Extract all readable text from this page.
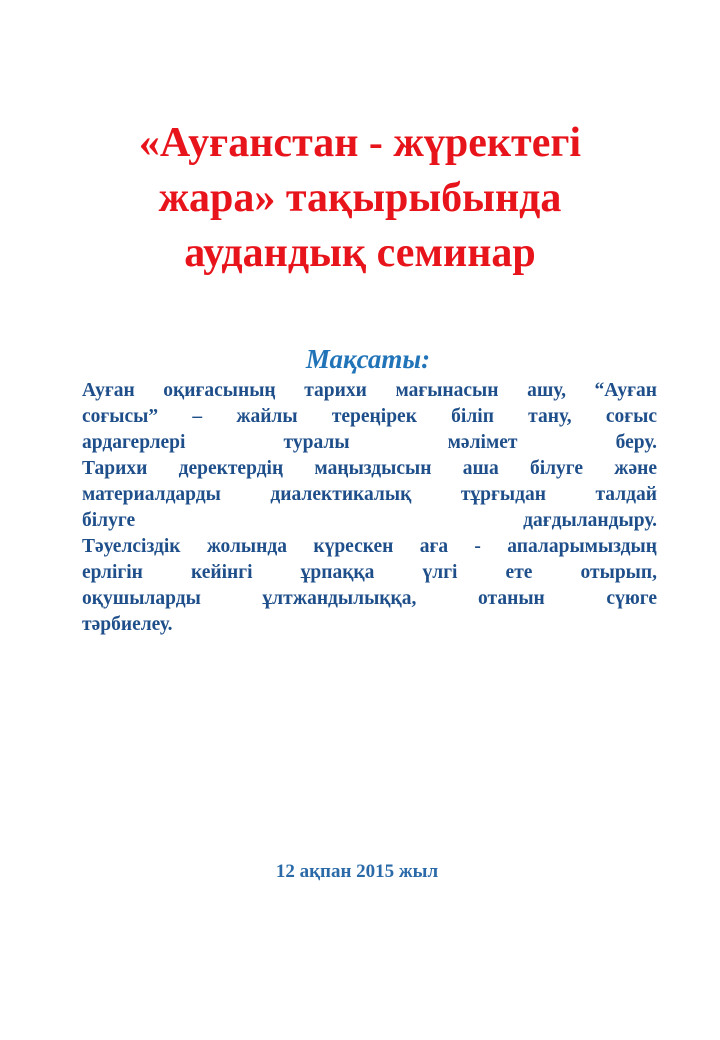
«Ауғанстан - жүректегі
жара» тақырыбында
аудандық семинар
Мақсаты:
Ауған оқиғасының тарихи мағынасын ашу, “Ауған
соғысы” – жайлы тереңірек біліп тану, соғыс
ардагерлері туралы мәлімет беру.
Тарихи деректердің маңыздысын аша білуге және
материалдарды диалектикалық тұрғыдан талдай
білуге дағдыландыру.
Тәуелсіздік жолында күрескен аға - апаларымыздың
ерлігін кейінгі ұрпаққа үлгі ете отырып,
оқушыларды ұлтжандылыққа, отанын сүюге
тәрбиелеу.
12 ақпан 2015 жыл
